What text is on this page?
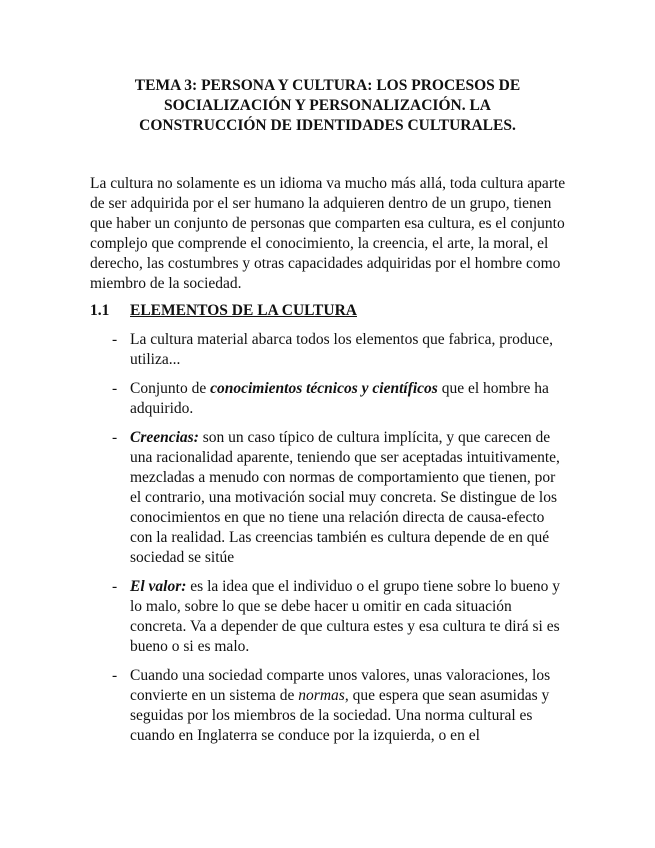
TEMA 3: PERSONA Y CULTURA: LOS PROCESOS DE
SOCIALIZACIÓN Y PERSONALIZACIÓN. LA
CONSTRUCCIÓN DE IDENTIDADES CULTURALES.

La cultura no solamente es un idioma va mucho más allá, toda cultura aparte de ser adquirida por el ser humano la adquieren dentro de un grupo, tienen que haber un conjunto de personas que comparten esa cultura, es el conjunto complejo que comprende el conocimiento, la creencia, el arte, la moral, el derecho, las costumbres y otras capacidades adquiridas por el hombre como miembro de la sociedad.

1.1 ELEMENTOS DE LA CULTURA
- La cultura material abarca todos los elementos que fabrica, produce, utiliza...
- Conjunto de conocimientos técnicos y científicos que el hombre ha adquirido.
- Creencias: son un caso típico de cultura implícita, y que carecen de una racionalidad aparente, teniendo que ser aceptadas intuitivamente, mezcladas a menudo con normas de comportamiento que tienen, por el contrario, una motivación social muy concreta. Se distingue de los conocimientos en que no tiene una relación directa de causa-efecto con la realidad. Las creencias también es cultura depende de en qué sociedad se sitúe
- El valor: es la idea que el individuo o el grupo tiene sobre lo bueno y lo malo, sobre lo que se debe hacer u omitir en cada situación concreta. Va a depender de que cultura estes y esa cultura te dirá si es bueno o si es malo.
- Cuando una sociedad comparte unos valores, unas valoraciones, los convierte en un sistema de normas, que espera que sean asumidas y seguidas por los miembros de la sociedad. Una norma cultural es cuando en Inglaterra se conduce por la izquierda, o en el
